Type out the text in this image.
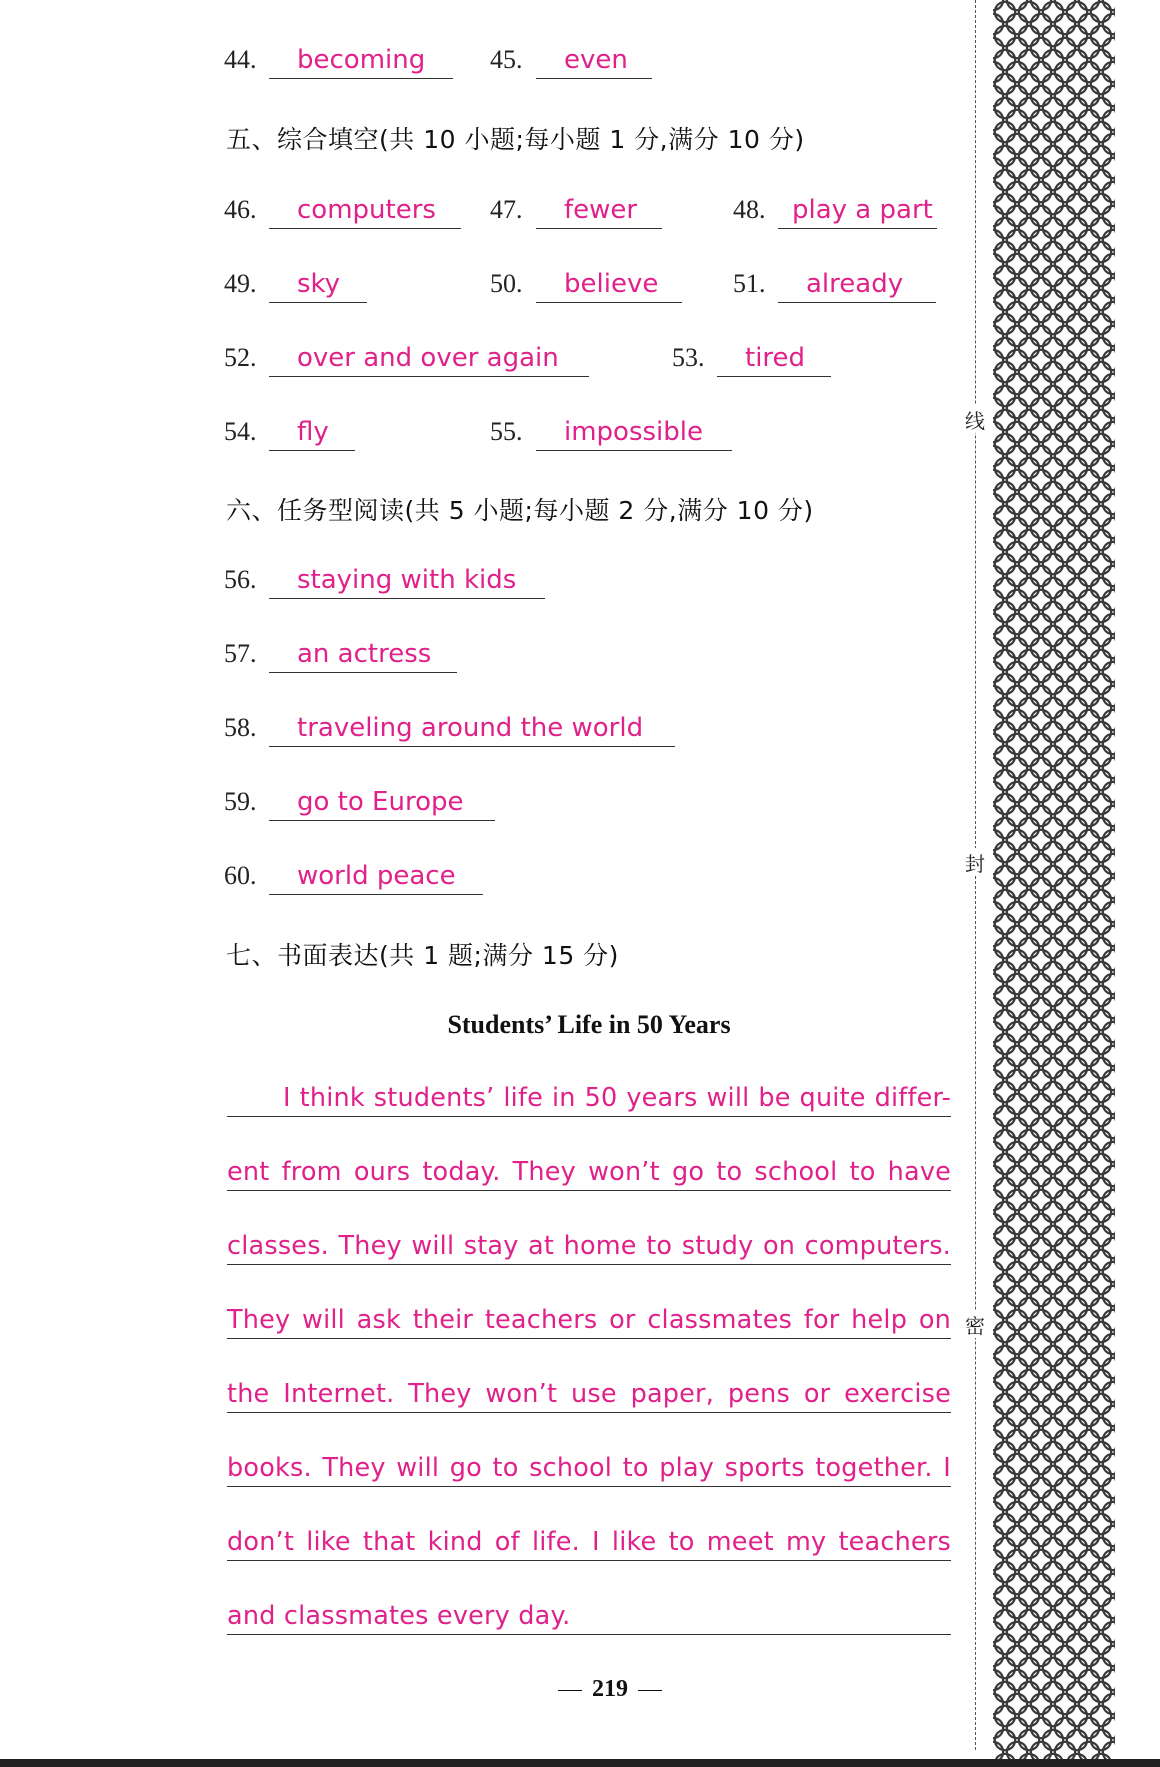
44.	becoming	45.	even
五、综合填空(共 10 小题;每小题 1 分,满分 10 分)
46.	computers	47.	fewer	48.	play a part
49.	sky	50.	believe	51.	already
52.	over and over again	53.	tired
54.	fly	55.	impossible
六、任务型阅读(共 5 小题;每小题 2 分,满分 10 分)
56.	staying with kids
57.	an actress
58.	traveling around the world
59.	go to Europe
60.	world peace
七、书面表达(共 1 题;满分 15 分)
Students’ Life in 50 Years
I think students’ life in 50 years will be quite differ-
ent from ours today. They won’t go to school to have
classes. They will stay at home to study on computers.
They will ask their teachers or classmates for help on
the Internet. They won’t use paper, pens or exercise
books. They will go to school to play sports together. I
don’t like that kind of life. I like to meet my teachers
and classmates every day.
219
线
封
密
